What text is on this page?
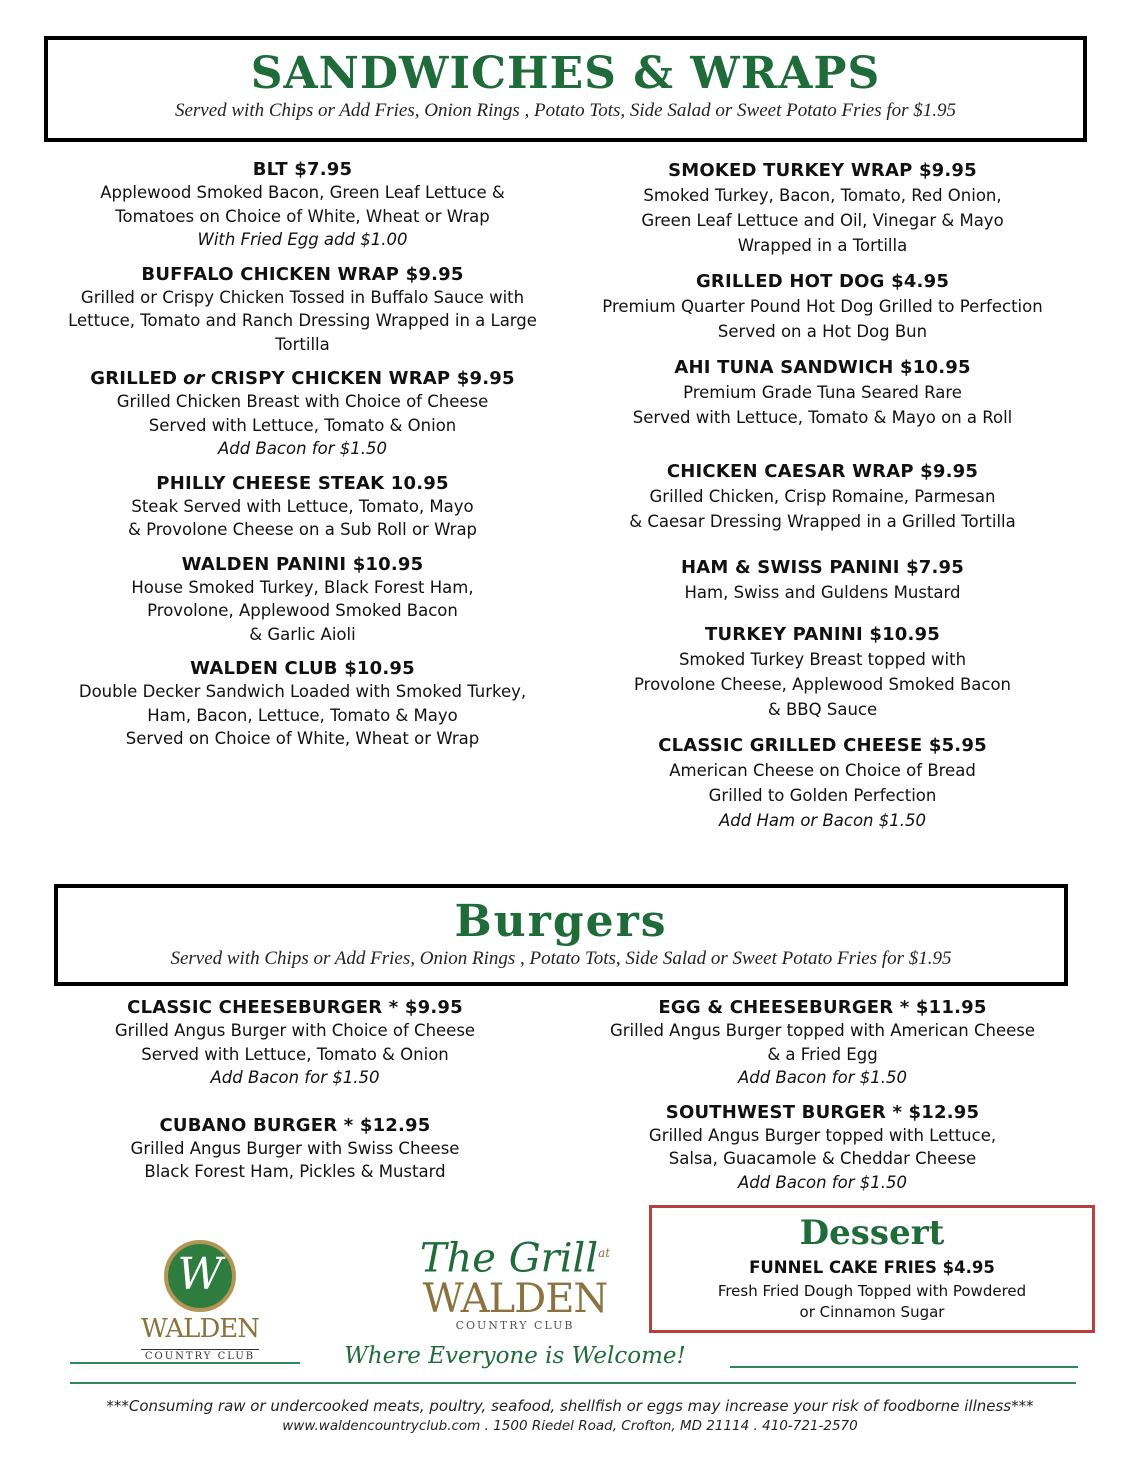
SANDWICHES & WRAPS
Served with Chips or Add Fries, Onion Rings , Potato Tots, Side Salad or Sweet Potato Fries for $1.95
BLT $7.95
Applewood Smoked Bacon, Green Leaf Lettuce &
Tomatoes on Choice of White, Wheat or Wrap
With Fried Egg add $1.00
BUFFALO CHICKEN WRAP $9.95
Grilled or Crispy Chicken Tossed in Buffalo Sauce with
Lettuce, Tomato and Ranch Dressing Wrapped in a Large
Tortilla
GRILLED or CRISPY CHICKEN WRAP $9.95
Grilled Chicken Breast with Choice of Cheese
Served with Lettuce, Tomato & Onion
Add Bacon for $1.50
PHILLY CHEESE STEAK 10.95
Steak Served with Lettuce, Tomato, Mayo
& Provolone Cheese on a Sub Roll or Wrap
WALDEN PANINI $10.95
House Smoked Turkey, Black Forest Ham,
Provolone, Applewood Smoked Bacon
& Garlic Aioli
WALDEN CLUB $10.95
Double Decker Sandwich Loaded with Smoked Turkey,
Ham, Bacon, Lettuce, Tomato & Mayo
Served on Choice of White, Wheat or Wrap
SMOKED TURKEY WRAP $9.95
Smoked Turkey, Bacon, Tomato, Red Onion,
Green Leaf Lettuce and Oil, Vinegar & Mayo
Wrapped in a Tortilla
GRILLED HOT DOG $4.95
Premium Quarter Pound Hot Dog Grilled to Perfection
Served on a Hot Dog Bun
AHI TUNA SANDWICH $10.95
Premium Grade Tuna Seared Rare
Served with Lettuce, Tomato & Mayo on a Roll
CHICKEN CAESAR WRAP $9.95
Grilled Chicken, Crisp Romaine, Parmesan
& Caesar Dressing Wrapped in a Grilled Tortilla
HAM & SWISS PANINI $7.95
Ham, Swiss and Guldens Mustard
TURKEY PANINI $10.95
Smoked Turkey Breast topped with
Provolone Cheese, Applewood Smoked Bacon
& BBQ Sauce
CLASSIC GRILLED CHEESE $5.95
American Cheese on Choice of Bread
Grilled to Golden Perfection
Add Ham or Bacon $1.50
Burgers
Served with Chips or Add Fries, Onion Rings , Potato Tots, Side Salad or Sweet Potato Fries for $1.95
CLASSIC CHEESEBURGER * $9.95
Grilled Angus Burger with Choice of Cheese
Served with Lettuce, Tomato & Onion
Add Bacon for $1.50
CUBANO BURGER * $12.95
Grilled Angus Burger with Swiss Cheese
Black Forest Ham, Pickles & Mustard
EGG & CHEESEBURGER * $11.95
Grilled Angus Burger topped with American Cheese
& a Fried Egg
Add Bacon for $1.50
SOUTHWEST BURGER * $12.95
Grilled Angus Burger topped with Lettuce,
Salsa, Guacamole & Cheddar Cheese
Add Bacon for $1.50
Dessert
FUNNEL CAKE FRIES $4.95
Fresh Fried Dough Topped with Powdered
or Cinnamon Sugar
W
WALDEN
COUNTRY CLUB
The Grill$^{at}$
WALDEN
COUNTRY CLUB
Where Everyone is Welcome!
***Consuming raw or undercooked meats, poultry, seafood, shellfish or eggs may increase your risk of foodborne illness***
www.waldencountryclub.com . 1500 Riedel Road, Crofton, MD 21114 . 410-721-2570
